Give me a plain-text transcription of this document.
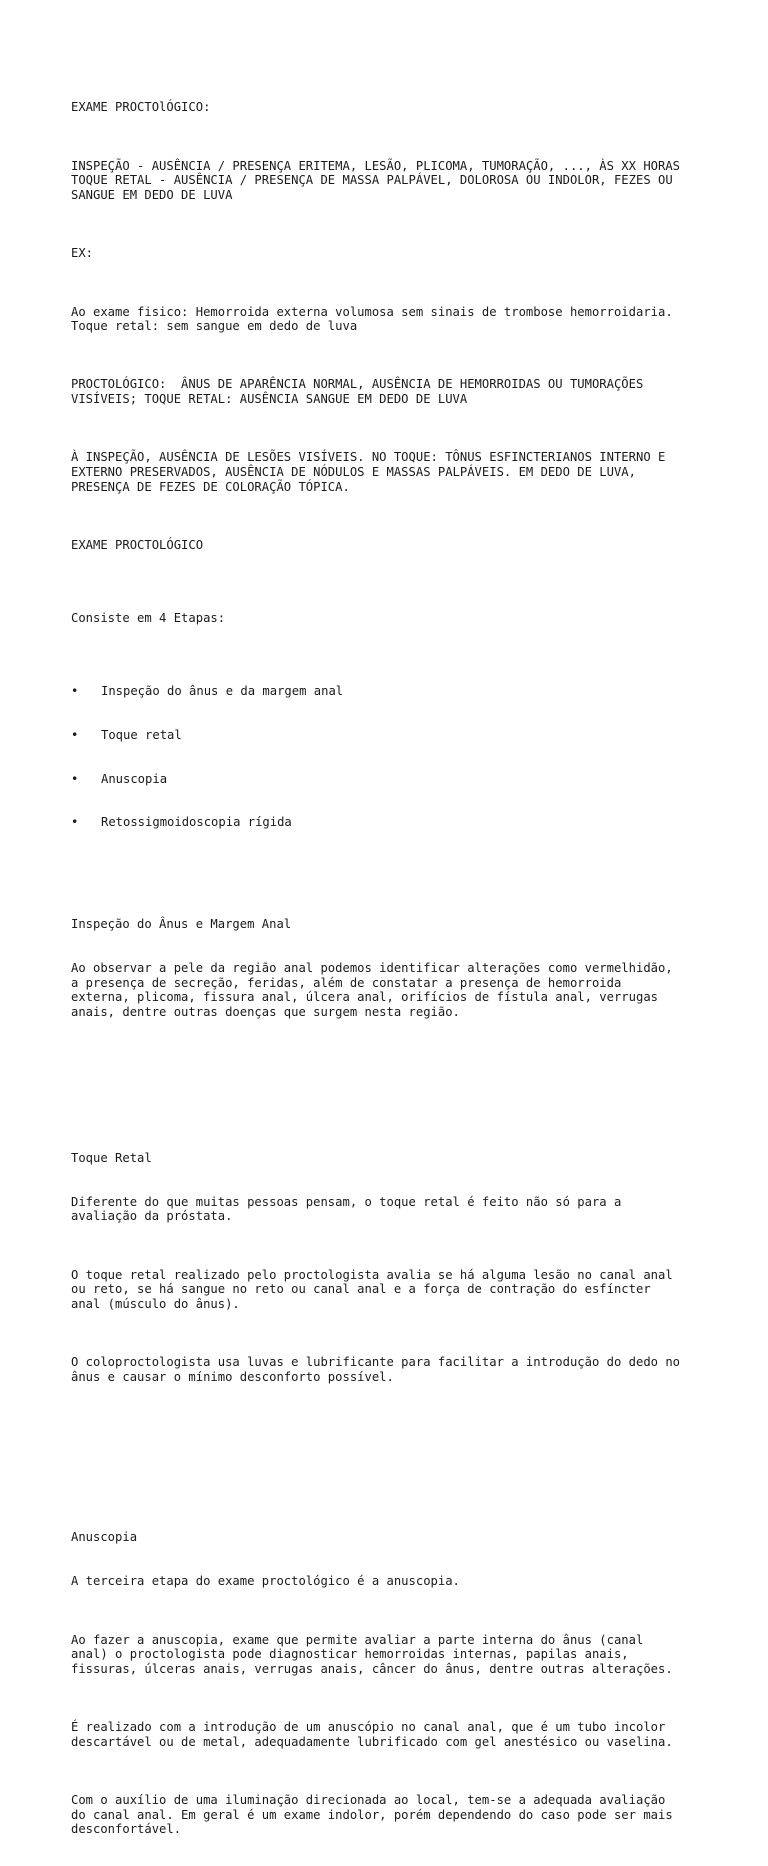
EXAME PROCTOlÓGICO:

INSPEÇÃO - AUSÊNCIA / PRESENÇA ERITEMA, LESÃO, PLICOMA, TUMORAÇÃO, ..., ÀS XX HORAS
TOQUE RETAL - AUSÊNCIA / PRESENÇA DE MASSA PALPÁVEL, DOLOROSA OU INDOLOR, FEZES OU
SANGUE EM DEDO DE LUVA

EX:

Ao exame fisico: Hemorroida externa volumosa sem sinais de trombose hemorroidaria.
Toque retal: sem sangue em dedo de luva

PROCTOLÓGICO:  ÂNUS DE APARÊNCIA NORMAL, AUSÊNCIA DE HEMORROIDAS OU TUMORAÇÕES
VISÍVEIS; TOQUE RETAL: AUSÊNCIA SANGUE EM DEDO DE LUVA

À INSPEÇÃO, AUSÊNCIA DE LESÕES VISÍVEIS. NO TOQUE: TÔNUS ESFINCTERIANOS INTERNO E
EXTERNO PRESERVADOS, AUSÊNCIA DE NÓDULOS E MASSAS PALPÁVEIS. EM DEDO DE LUVA,
PRESENÇA DE FEZES DE COLORAÇÃO TÓPICA.

EXAME PROCTOLÓGICO

Consiste em 4 Etapas:

• Inspeção do ânus e da margem anal

• Toque retal

• Anuscopia

• Retossigmoidoscopia rígida

Inspeção do Ânus e Margem Anal

Ao observar a pele da região anal podemos identificar alterações como vermelhidão,
a presença de secreção, feridas, além de constatar a presença de hemorroida
externa, plicoma, fissura anal, úlcera anal, orifícios de fístula anal, verrugas
anais, dentre outras doenças que surgem nesta região.

Toque Retal

Diferente do que muitas pessoas pensam, o toque retal é feito não só para a
avaliação da próstata.

O toque retal realizado pelo proctologista avalia se há alguma lesão no canal anal
ou reto, se há sangue no reto ou canal anal e a força de contração do esfíncter
anal (músculo do ânus).

O coloproctologista usa luvas e lubrificante para facilitar a introdução do dedo no
ânus e causar o mínimo desconforto possível.

Anuscopia

A terceira etapa do exame proctológico é a anuscopia.

Ao fazer a anuscopia, exame que permite avaliar a parte interna do ânus (canal
anal) o proctologista pode diagnosticar hemorroidas internas, papilas anais,
fissuras, úlceras anais, verrugas anais, câncer do ânus, dentre outras alterações.

É realizado com a introdução de um anuscópio no canal anal, que é um tubo incolor
descartável ou de metal, adequadamente lubrificado com gel anestésico ou vaselina.

Com o auxílio de uma iluminação direcionada ao local, tem-se a adequada avaliação
do canal anal. Em geral é um exame indolor, porém dependendo do caso pode ser mais
desconfortável.
